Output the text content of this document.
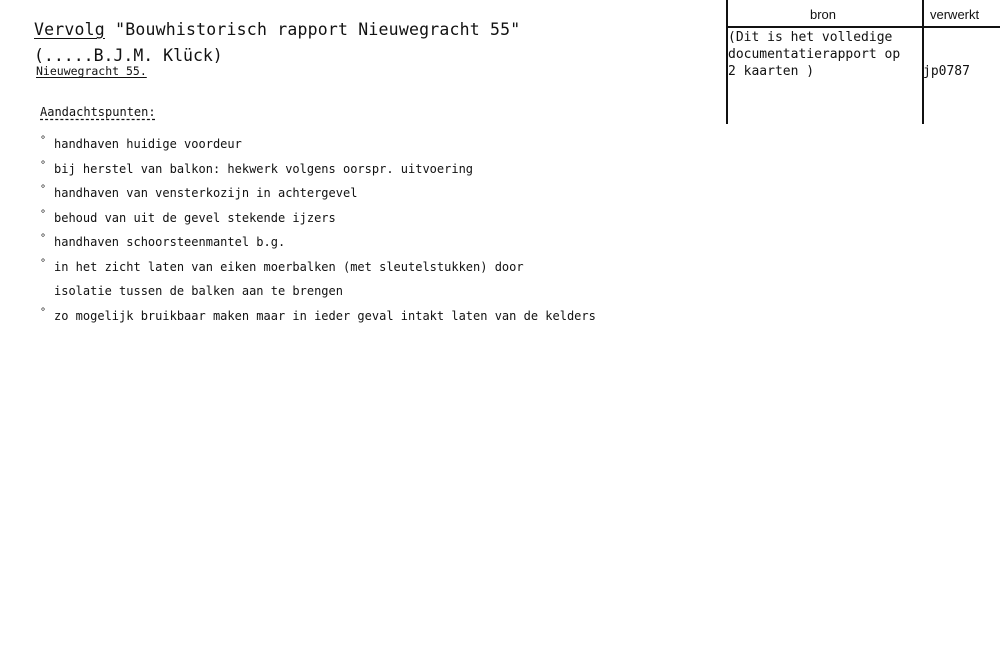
Vervolg "Bouwhistorisch rapport Nieuwegracht 55"
(.....B.J.M. Klück)
Nieuwegracht 55.
Aandachtspunten:
° handhaven huidige voordeur
° bij herstel van balkon: hekwerk volgens oorspr. uitvoering
° handhaven van vensterkozijn in achtergevel
° behoud van uit de gevel stekende ijzers
° handhaven schoorsteenmantel b.g.
° in het zicht laten van eiken moerbalken (met sleutelstukken) door
isolatie tussen de balken aan te brengen
° zo mogelijk bruikbaar maken maar in ieder geval intakt laten van de kelders
bron	verwerkt
(Dit is het volledige
documentatierapport op
2 kaarten )	jp0787
